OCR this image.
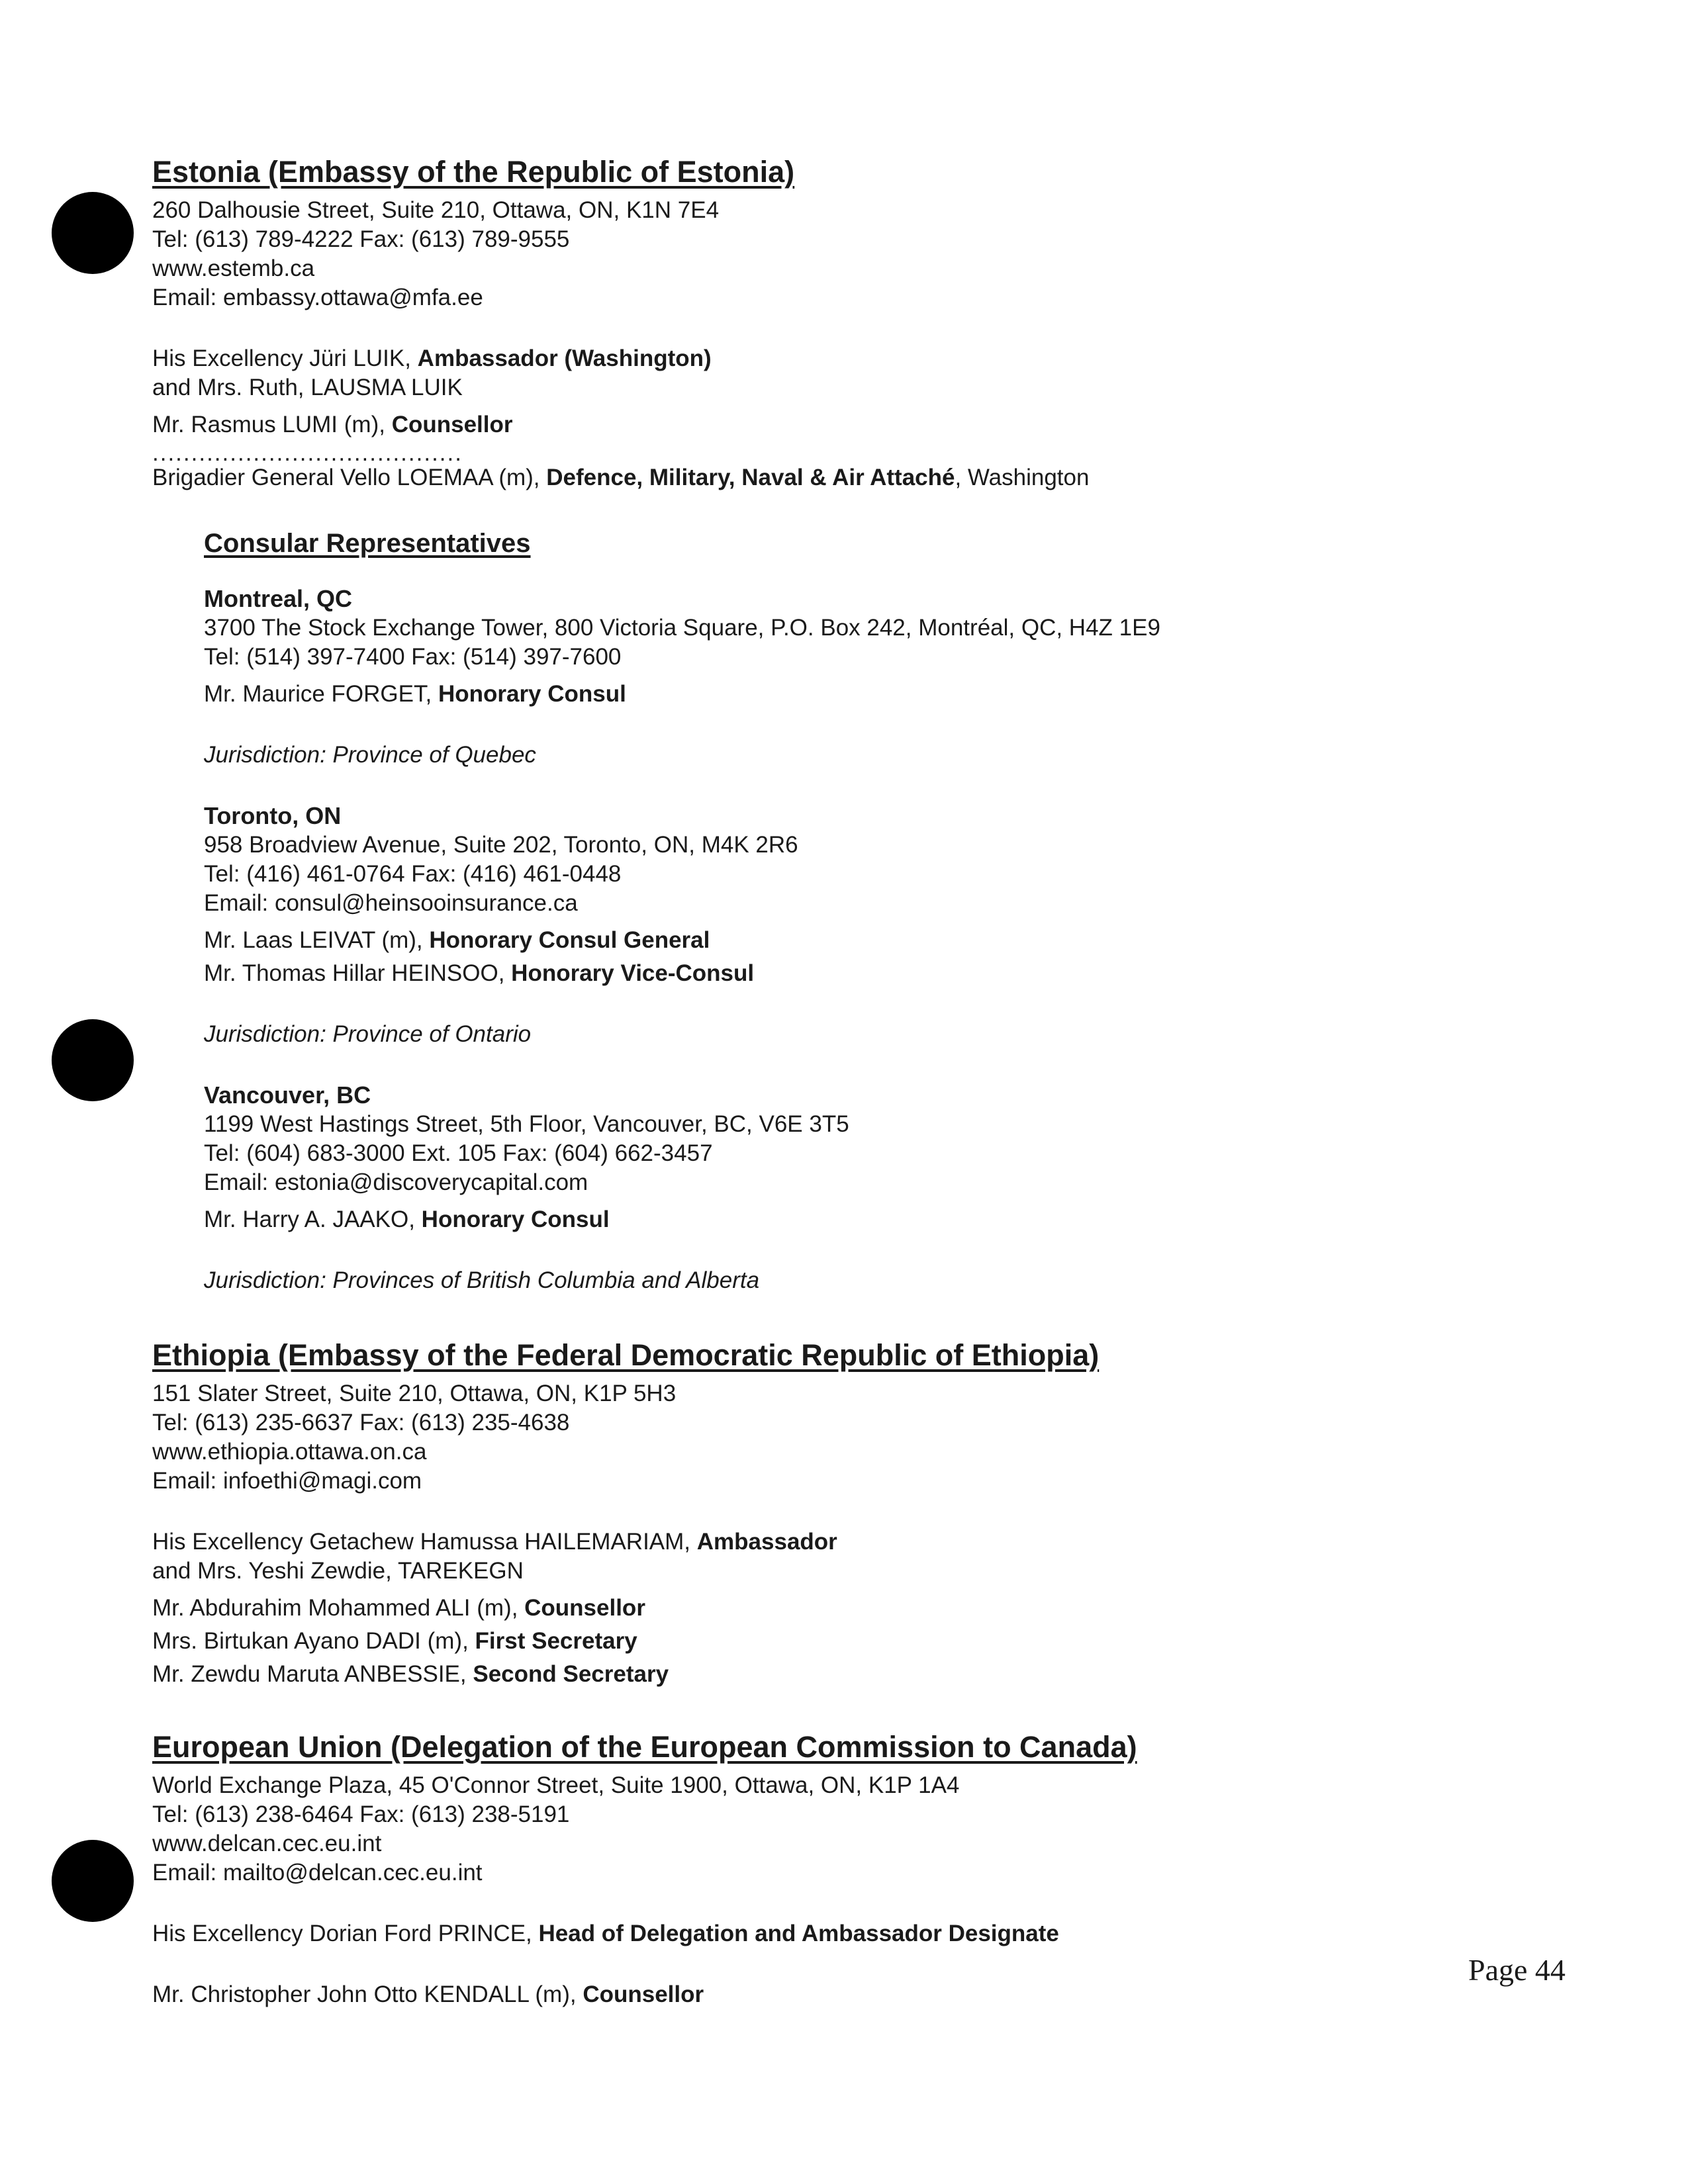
Estonia (Embassy of the Republic of Estonia)
260 Dalhousie Street, Suite 210, Ottawa, ON, K1N 7E4
Tel: (613) 789-4222 Fax: (613) 789-9555
www.estemb.ca
Email: embassy.ottawa@mfa.ee
His Excellency Jüri LUIK, Ambassador (Washington)
and Mrs. Ruth, LAUSMA LUIK
Mr. Rasmus LUMI (m), Counsellor
........................................
Brigadier General Vello LOEMAA (m), Defence, Military, Naval & Air Attaché, Washington
Consular Representatives
Montreal, QC
3700 The Stock Exchange Tower, 800 Victoria Square, P.O. Box 242, Montréal, QC, H4Z 1E9
Tel: (514) 397-7400 Fax: (514) 397-7600
Mr. Maurice FORGET, Honorary Consul
Jurisdiction: Province of Quebec
Toronto, ON
958 Broadview Avenue, Suite 202, Toronto, ON, M4K 2R6
Tel: (416) 461-0764 Fax: (416) 461-0448
Email: consul@heinsooinsurance.ca
Mr. Laas LEIVAT (m), Honorary Consul General
Mr. Thomas Hillar HEINSOO, Honorary Vice-Consul
Jurisdiction: Province of Ontario
Vancouver, BC
1199 West Hastings Street, 5th Floor, Vancouver, BC, V6E 3T5
Tel: (604) 683-3000 Ext. 105 Fax: (604) 662-3457
Email: estonia@discoverycapital.com
Mr. Harry A. JAAKO, Honorary Consul
Jurisdiction: Provinces of British Columbia and Alberta
Ethiopia (Embassy of the Federal Democratic Republic of Ethiopia)
151 Slater Street, Suite 210, Ottawa, ON, K1P 5H3
Tel: (613) 235-6637 Fax: (613) 235-4638
www.ethiopia.ottawa.on.ca
Email: infoethi@magi.com
His Excellency Getachew Hamussa HAILEMARIAM, Ambassador
and Mrs. Yeshi Zewdie, TAREKEGN
Mr. Abdurahim Mohammed ALI (m), Counsellor
Mrs. Birtukan Ayano DADI (m), First Secretary
Mr. Zewdu Maruta ANBESSIE, Second Secretary
European Union (Delegation of the European Commission to Canada)
World Exchange Plaza, 45 O'Connor Street, Suite 1900, Ottawa, ON, K1P 1A4
Tel: (613) 238-6464 Fax: (613) 238-5191
www.delcan.cec.eu.int
Email: mailto@delcan.cec.eu.int
His Excellency Dorian Ford PRINCE, Head of Delegation and Ambassador Designate
Mr. Christopher John Otto KENDALL (m), Counsellor
Page 44
